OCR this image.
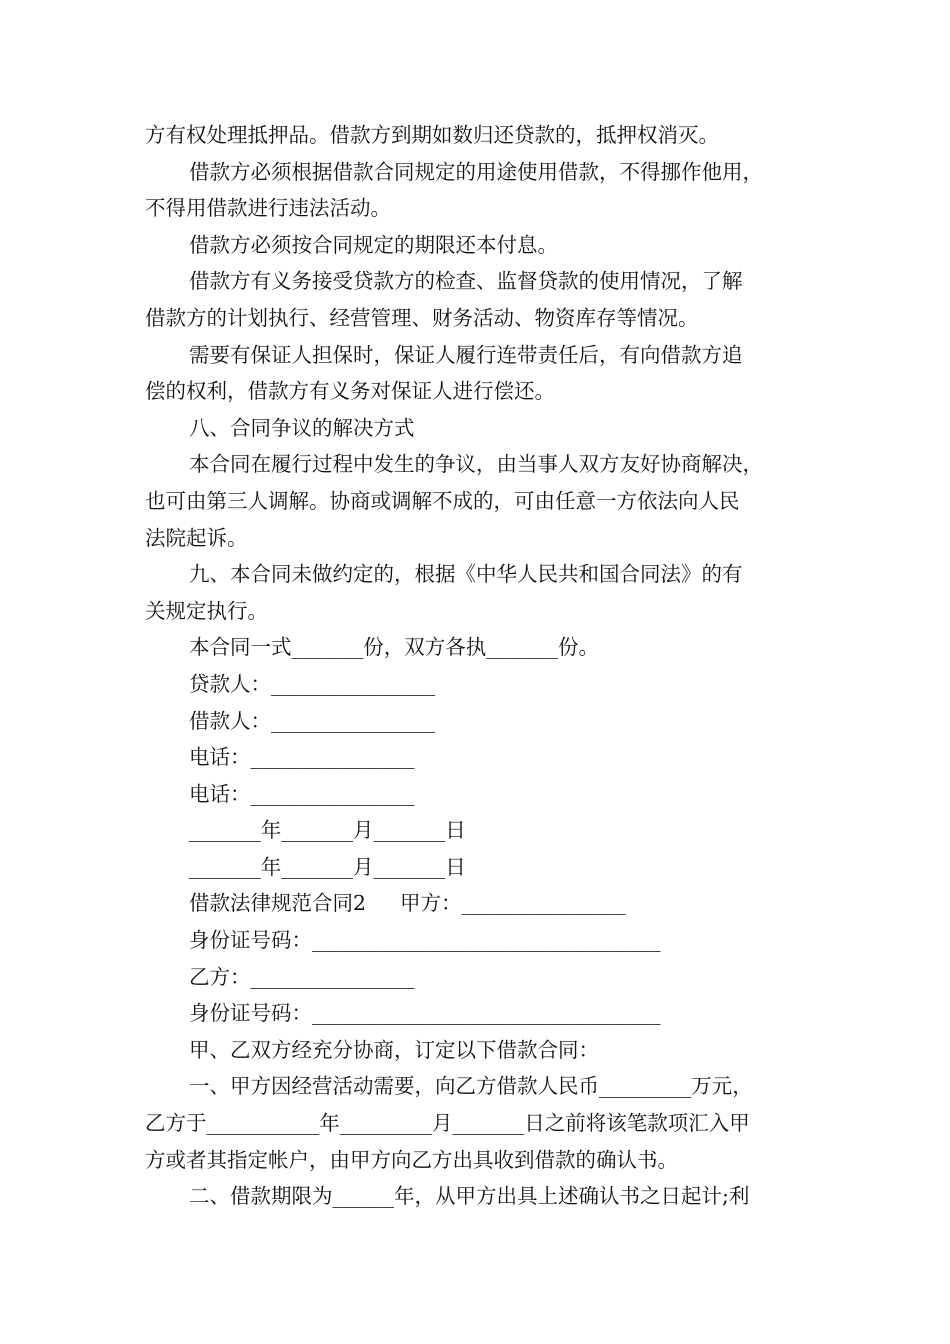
方有权处理抵押品。借款方到期如数归还贷款的，抵押权消灭。
借款方必须根据借款合同规定的用途使用借款，不得挪作他用，
不得用借款进行违法活动。
借款方必须按合同规定的期限还本付息。
借款方有义务接受贷款方的检查、监督贷款的使用情况，了解
借款方的计划执行、经营管理、财务活动、物资库存等情况。
需要有保证人担保时，保证人履行连带责任后，有向借款方追
偿的权利，借款方有义务对保证人进行偿还。
八、合同争议的解决方式
本合同在履行过程中发生的争议，由当事人双方友好协商解决，
也可由第三人调解。协商或调解不成的，可由任意一方依法向人民
法院起诉。
九、本合同未做约定的，根据《中华人民共和国合同法》的有
关规定执行。
本合同一式_______份，双方各执_______份。
贷款人：________________
借款人：________________
电话：________________
电话：________________
_______年_______月_______日
_______年_______月_______日
借款法律规范合同2 甲方：________________
身份证号码：__________________________________
乙方：________________
身份证号码：__________________________________
甲、乙双方经充分协商，订定以下借款合同：
一、甲方因经营活动需要，向乙方借款人民币_________万元，
乙方于___________年_________月_______日之前将该笔款项汇入甲
方或者其指定帐户，由甲方向乙方出具收到借款的确认书。
二、借款期限为______年，从甲方出具上述确认书之日起计;利
